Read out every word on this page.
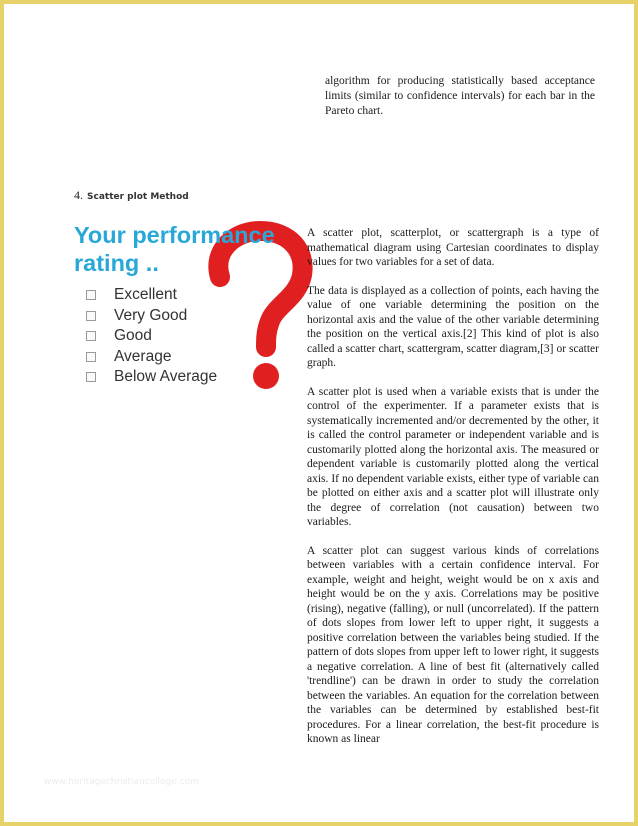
algorithm for producing statistically based acceptance limits (similar to confidence intervals) for each bar in the Pareto chart.

4. Scatter plot Method

Your performance
rating ..

Excellent
Very Good
Good
Average
Below Average

A scatter plot, scatterplot, or scattergraph is a type of mathematical diagram using Cartesian coordinates to display values for two variables for a set of data.

The data is displayed as a collection of points, each having the value of one variable determining the position on the horizontal axis and the value of the other variable determining the position on the vertical axis.[2] This kind of plot is also called a scatter chart, scattergram, scatter diagram,[3] or scatter graph.

A scatter plot is used when a variable exists that is under the control of the experimenter. If a parameter exists that is systematically incremented and/or decremented by the other, it is called the control parameter or independent variable and is customarily plotted along the horizontal axis. The measured or dependent variable is customarily plotted along the vertical axis. If no dependent variable exists, either type of variable can be plotted on either axis and a scatter plot will illustrate only the degree of correlation (not causation) between two variables.

A scatter plot can suggest various kinds of correlations between variables with a certain confidence interval. For example, weight and height, weight would be on x axis and height would be on the y axis. Correlations may be positive (rising), negative (falling), or null (uncorrelated). If the pattern of dots slopes from lower left to upper right, it suggests a positive correlation between the variables being studied. If the pattern of dots slopes from upper left to lower right, it suggests a negative correlation. A line of best fit (alternatively called 'trendline') can be drawn in order to study the correlation between the variables. An equation for the correlation between the variables can be determined by established best-fit procedures. For a linear correlation, the best-fit procedure is known as linear

www.heritagechristiancollege.com
